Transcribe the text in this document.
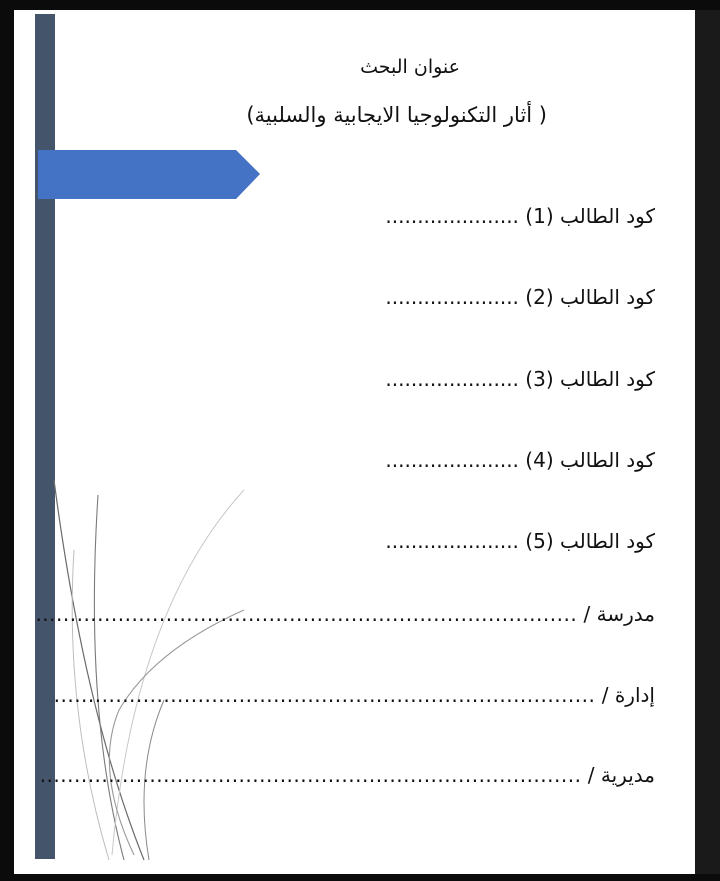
عنوان البحث
( أثار التكنولوجيا الايجابية والسلبية)
كود الطالب (1) .....................
كود الطالب (2) .....................
كود الطالب (3) .....................
كود الطالب (4) .....................
كود الطالب (5) .....................
مدرسة / ...............................................................................
إدارة / ...............................................................................
مديرية / ...............................................................................
